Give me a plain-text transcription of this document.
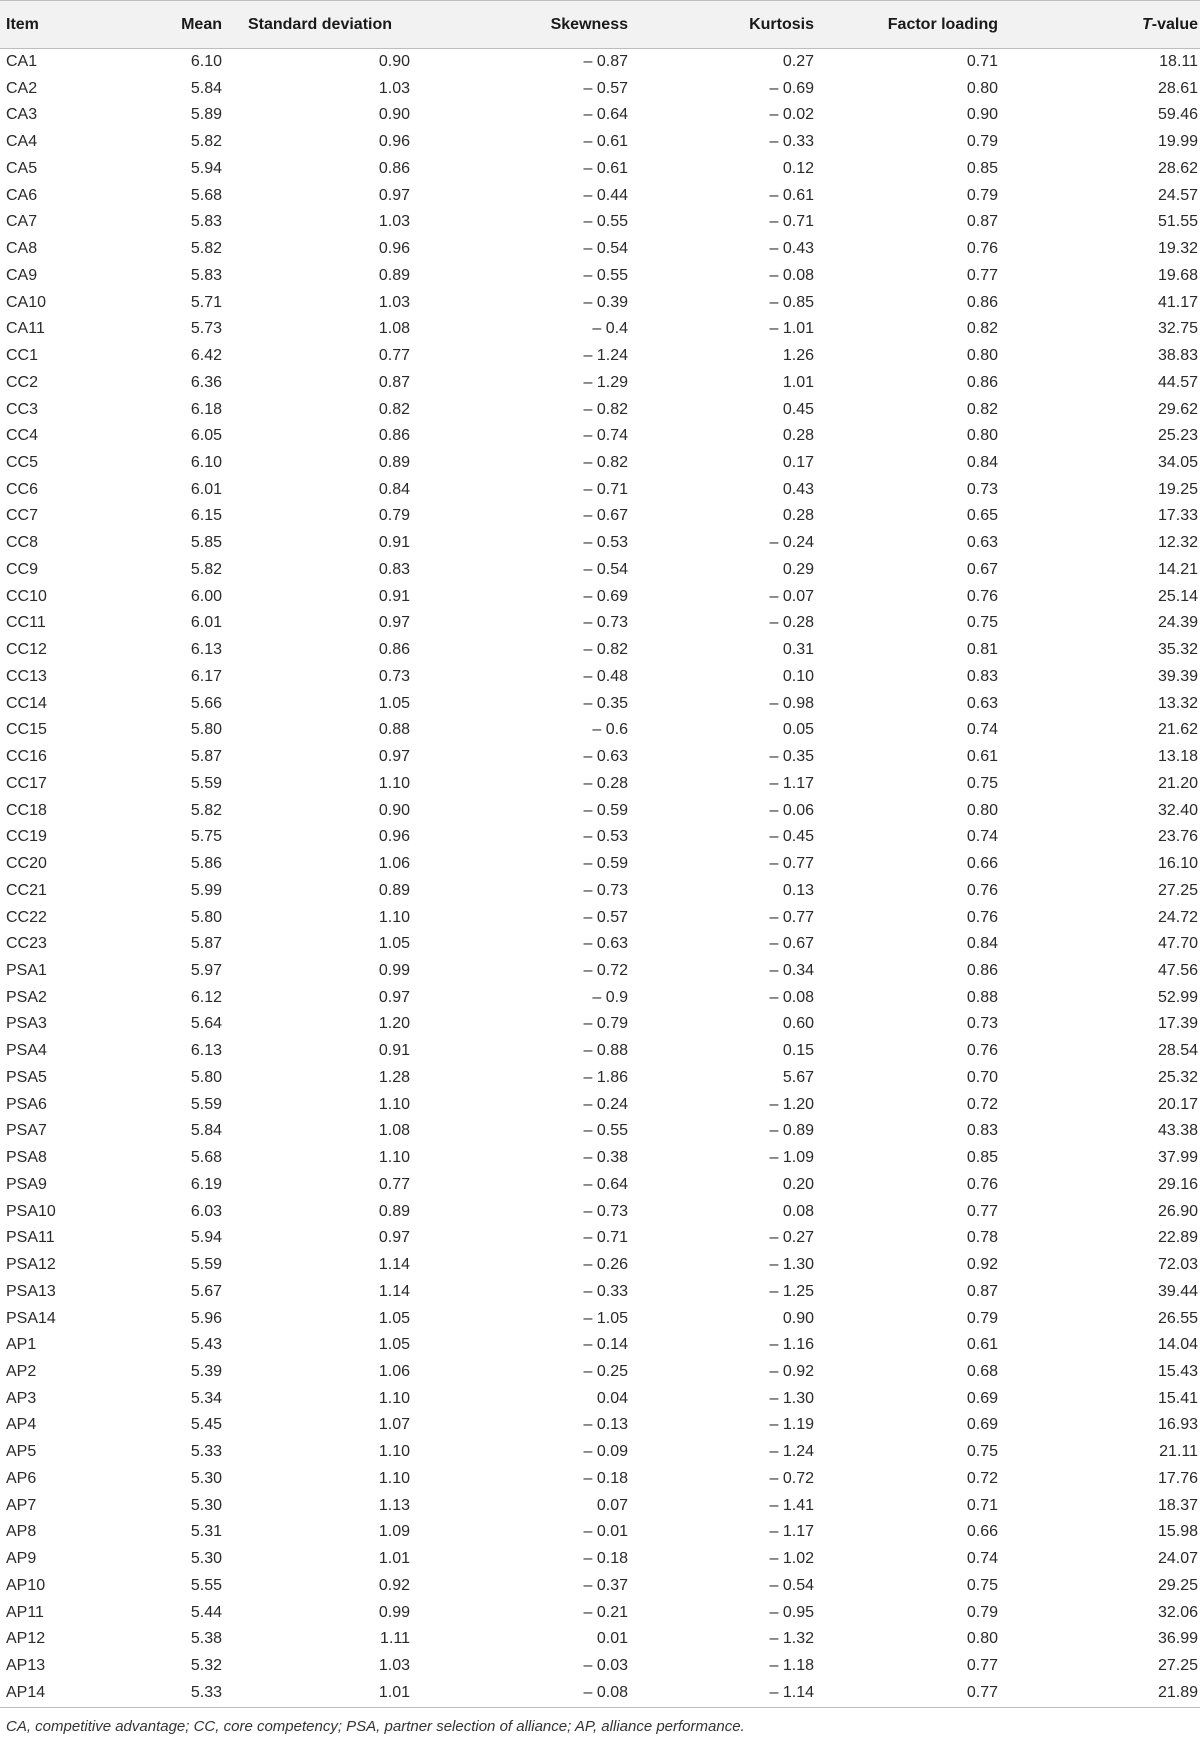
Item	Mean	Standard deviation	Skewness	Kurtosis	Factor loading	T-value
CA1	6.10	0.90	– 0.87	0.27	0.71	18.11
CA2	5.84	1.03	– 0.57	– 0.69	0.80	28.61
CA3	5.89	0.90	– 0.64	– 0.02	0.90	59.46
CA4	5.82	0.96	– 0.61	– 0.33	0.79	19.99
CA5	5.94	0.86	– 0.61	0.12	0.85	28.62
CA6	5.68	0.97	– 0.44	– 0.61	0.79	24.57
CA7	5.83	1.03	– 0.55	– 0.71	0.87	51.55
CA8	5.82	0.96	– 0.54	– 0.43	0.76	19.32
CA9	5.83	0.89	– 0.55	– 0.08	0.77	19.68
CA10	5.71	1.03	– 0.39	– 0.85	0.86	41.17
CA11	5.73	1.08	– 0.4	– 1.01	0.82	32.75
CC1	6.42	0.77	– 1.24	1.26	0.80	38.83
CC2	6.36	0.87	– 1.29	1.01	0.86	44.57
CC3	6.18	0.82	– 0.82	0.45	0.82	29.62
CC4	6.05	0.86	– 0.74	0.28	0.80	25.23
CC5	6.10	0.89	– 0.82	0.17	0.84	34.05
CC6	6.01	0.84	– 0.71	0.43	0.73	19.25
CC7	6.15	0.79	– 0.67	0.28	0.65	17.33
CC8	5.85	0.91	– 0.53	– 0.24	0.63	12.32
CC9	5.82	0.83	– 0.54	0.29	0.67	14.21
CC10	6.00	0.91	– 0.69	– 0.07	0.76	25.14
CC11	6.01	0.97	– 0.73	– 0.28	0.75	24.39
CC12	6.13	0.86	– 0.82	0.31	0.81	35.32
CC13	6.17	0.73	– 0.48	0.10	0.83	39.39
CC14	5.66	1.05	– 0.35	– 0.98	0.63	13.32
CC15	5.80	0.88	– 0.6	0.05	0.74	21.62
CC16	5.87	0.97	– 0.63	– 0.35	0.61	13.18
CC17	5.59	1.10	– 0.28	– 1.17	0.75	21.20
CC18	5.82	0.90	– 0.59	– 0.06	0.80	32.40
CC19	5.75	0.96	– 0.53	– 0.45	0.74	23.76
CC20	5.86	1.06	– 0.59	– 0.77	0.66	16.10
CC21	5.99	0.89	– 0.73	0.13	0.76	27.25
CC22	5.80	1.10	– 0.57	– 0.77	0.76	24.72
CC23	5.87	1.05	– 0.63	– 0.67	0.84	47.70
PSA1	5.97	0.99	– 0.72	– 0.34	0.86	47.56
PSA2	6.12	0.97	– 0.9	– 0.08	0.88	52.99
PSA3	5.64	1.20	– 0.79	0.60	0.73	17.39
PSA4	6.13	0.91	– 0.88	0.15	0.76	28.54
PSA5	5.80	1.28	– 1.86	5.67	0.70	25.32
PSA6	5.59	1.10	– 0.24	– 1.20	0.72	20.17
PSA7	5.84	1.08	– 0.55	– 0.89	0.83	43.38
PSA8	5.68	1.10	– 0.38	– 1.09	0.85	37.99
PSA9	6.19	0.77	– 0.64	0.20	0.76	29.16
PSA10	6.03	0.89	– 0.73	0.08	0.77	26.90
PSA11	5.94	0.97	– 0.71	– 0.27	0.78	22.89
PSA12	5.59	1.14	– 0.26	– 1.30	0.92	72.03
PSA13	5.67	1.14	– 0.33	– 1.25	0.87	39.44
PSA14	5.96	1.05	– 1.05	0.90	0.79	26.55
AP1	5.43	1.05	– 0.14	– 1.16	0.61	14.04
AP2	5.39	1.06	– 0.25	– 0.92	0.68	15.43
AP3	5.34	1.10	0.04	– 1.30	0.69	15.41
AP4	5.45	1.07	– 0.13	– 1.19	0.69	16.93
AP5	5.33	1.10	– 0.09	– 1.24	0.75	21.11
AP6	5.30	1.10	– 0.18	– 0.72	0.72	17.76
AP7	5.30	1.13	0.07	– 1.41	0.71	18.37
AP8	5.31	1.09	– 0.01	– 1.17	0.66	15.98
AP9	5.30	1.01	– 0.18	– 1.02	0.74	24.07
AP10	5.55	0.92	– 0.37	– 0.54	0.75	29.25
AP11	5.44	0.99	– 0.21	– 0.95	0.79	32.06
AP12	5.38	1.11	0.01	– 1.32	0.80	36.99
AP13	5.32	1.03	– 0.03	– 1.18	0.77	27.25
AP14	5.33	1.01	– 0.08	– 1.14	0.77	21.89
CA, competitive advantage; CC, core competency; PSA, partner selection of alliance; AP, alliance performance.
